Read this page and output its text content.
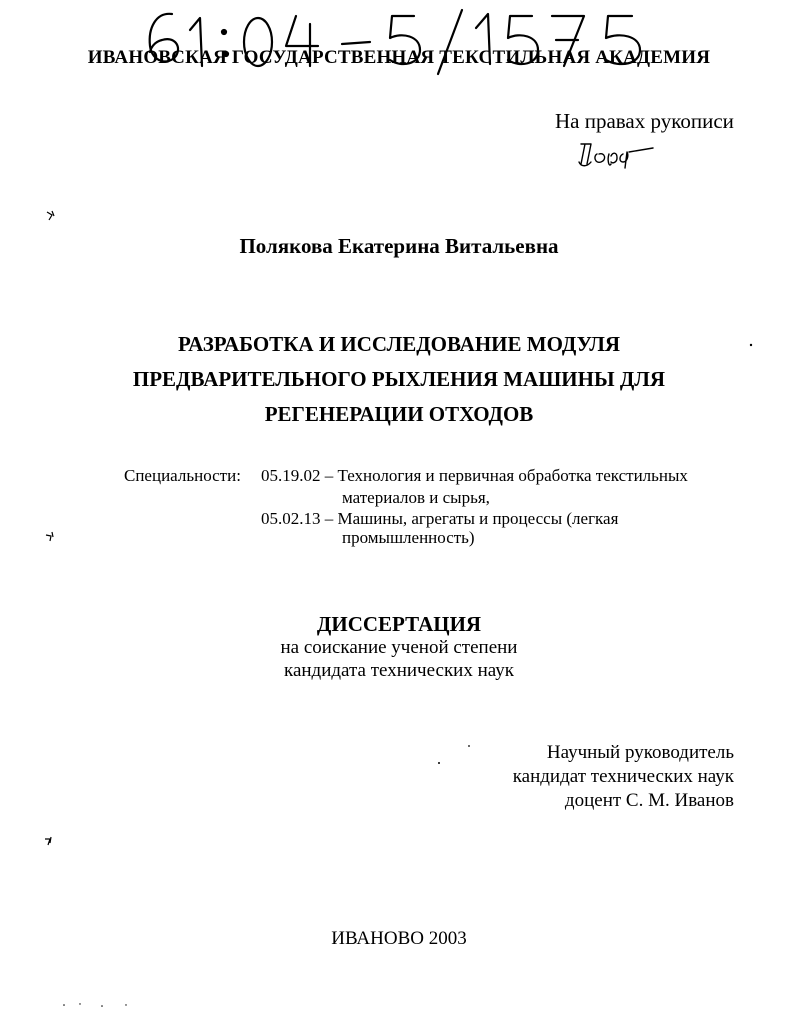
ИВАНОВСКАЯ ГОСУДАРСТВЕННАЯ ТЕКСТИЛЬНАЯ АКАДЕМИЯ
На правах рукописи
Полякова Екатерина Витальевна
РАЗРАБОТКА И ИССЛЕДОВАНИЕ МОДУЛЯ
ПРЕДВАРИТЕЛЬНОГО РЫХЛЕНИЯ МАШИНЫ ДЛЯ
РЕГЕНЕРАЦИИ ОТХОДОВ
Специальности: 05.19.02 – Технология и первичная обработка текстильных
материалов и сырья,
05.02.13 – Машины, агрегаты и процессы (легкая
промышленность)
ДИССЕРТАЦИЯ
на соискание ученой степени
кандидата технических наук
Научный руководитель
кандидат технических наук
доцент С. М. Иванов
ИВАНОВО 2003
